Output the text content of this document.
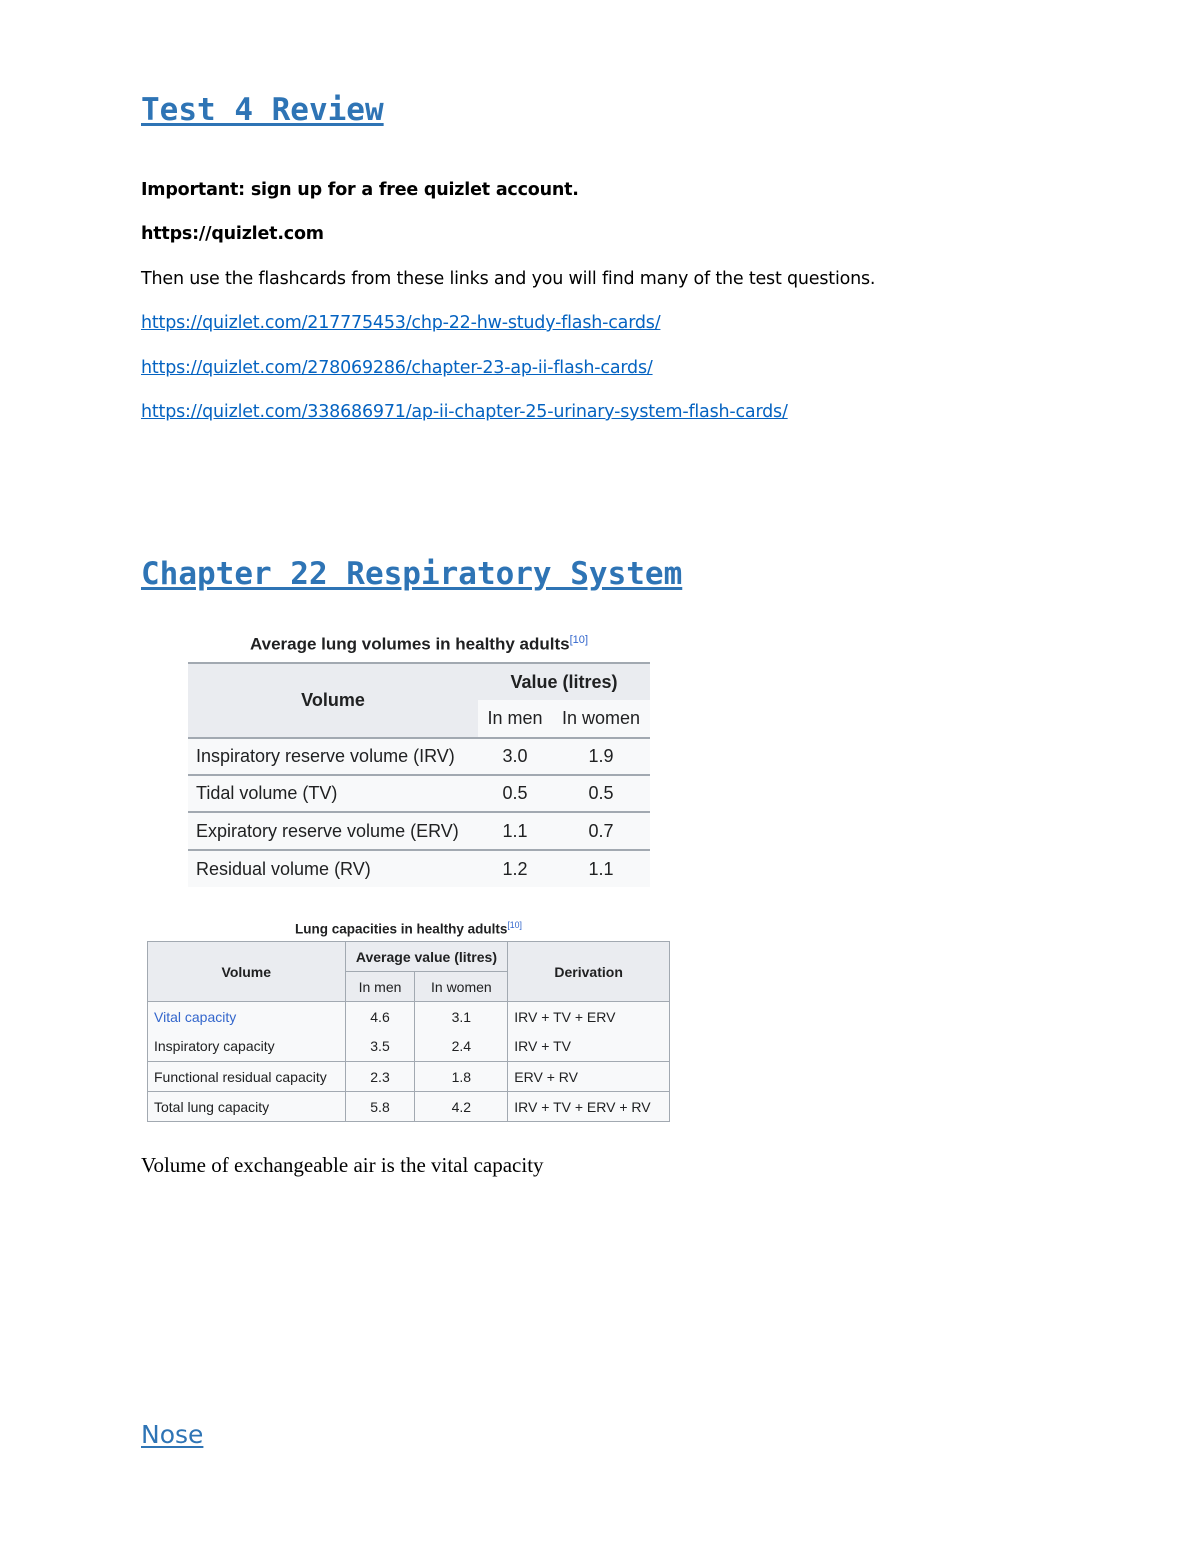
Test 4 Review
Important: sign up for a free quizlet account.
https://quizlet.com
Then use the flashcards from these links and you will find many of the test questions.
https://quizlet.com/217775453/chp-22-hw-study-flash-cards/
https://quizlet.com/278069286/chapter-23-ap-ii-flash-cards/
https://quizlet.com/338686971/ap-ii-chapter-25-urinary-system-flash-cards/
Chapter 22 Respiratory System
Average lung volumes in healthy adults[10]
Volume	Value (litres)	
	In men	In women
Inspiratory reserve volume (IRV)	3.0	1.9
Tidal volume (TV)	0.5	0.5
Expiratory reserve volume (ERV)	1.1	0.7
Residual volume (RV)	1.2	1.1
Lung capacities in healthy adults[10]
Volume	Average value (litres)		Derivation
	In men	In women	
Vital capacity	4.6	3.1	IRV + TV + ERV
Inspiratory capacity	3.5	2.4	IRV + TV
Functional residual capacity	2.3	1.8	ERV + RV
Total lung capacity	5.8	4.2	IRV + TV + ERV + RV
Volume of exchangeable air is the vital capacity
Nose
